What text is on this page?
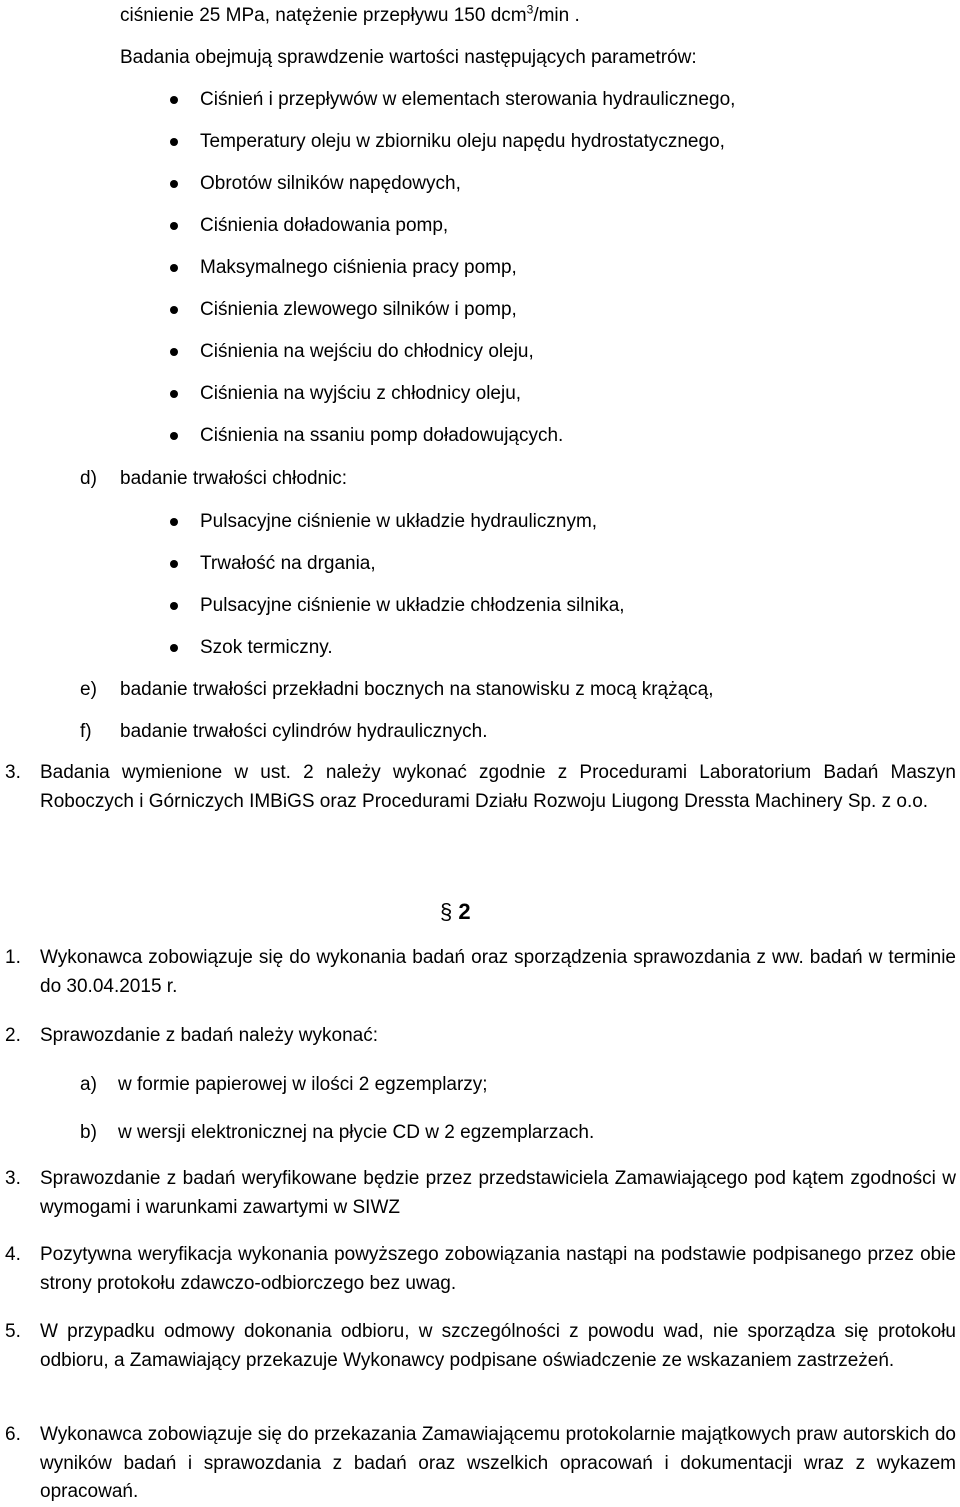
ciśnienie 25 MPa, natężenie przepływu 150 dcm$^3$/min .
Badania obejmują sprawdzenie wartości następujących parametrów:
Ciśnień i przepływów w elementach sterowania hydraulicznego,
Temperatury oleju w zbiorniku oleju napędu hydrostatycznego,
Obrotów silników napędowych,
Ciśnienia doładowania pomp,
Maksymalnego ciśnienia pracy pomp,
Ciśnienia zlewowego silników i pomp,
Ciśnienia na wejściu do chłodnicy oleju,
Ciśnienia na wyjściu z chłodnicy oleju,
Ciśnienia na ssaniu pomp doładowujących.
d) badanie trwałości chłodnic:
Pulsacyjne ciśnienie w układzie hydraulicznym,
Trwałość na drgania,
Pulsacyjne ciśnienie w układzie chłodzenia silnika,
Szok termiczny.
e) badanie trwałości przekładni bocznych na stanowisku z mocą krążącą,
f) badanie trwałości cylindrów hydraulicznych.
3. Badania wymienione w ust. 2 należy wykonać zgodnie z Procedurami Laboratorium Badań Maszyn Roboczych i Górniczych IMBiGS oraz Procedurami Działu Rozwoju Liugong Dressta Machinery Sp. z o.o.
§ 2
1. Wykonawca zobowiązuje się do wykonania badań oraz sporządzenia sprawozdania z ww. badań w terminie do 30.04.2015 r.
2. Sprawozdanie z badań należy wykonać:
a) w formie papierowej w ilości 2 egzemplarzy;
b) w wersji elektronicznej na płycie CD w 2 egzemplarzach.
3. Sprawozdanie z badań weryfikowane będzie przez przedstawiciela Zamawiającego pod kątem zgodności w wymogami i warunkami zawartymi w SIWZ
4. Pozytywna weryfikacja wykonania powyższego zobowiązania nastąpi na podstawie podpisanego przez obie strony protokołu zdawczo-odbiorczego bez uwag.
5. W przypadku odmowy dokonania odbioru, w szczególności z powodu wad, nie sporządza się protokołu odbioru, a Zamawiający przekazuje Wykonawcy podpisane oświadczenie ze wskazaniem zastrzeżeń.
6. Wykonawca zobowiązuje się do przekazania Zamawiającemu protokolarnie majątkowych praw autorskich do wyników badań i sprawozdania z badań oraz wszelkich opracowań i dokumentacji wraz z wykazem opracowań.
